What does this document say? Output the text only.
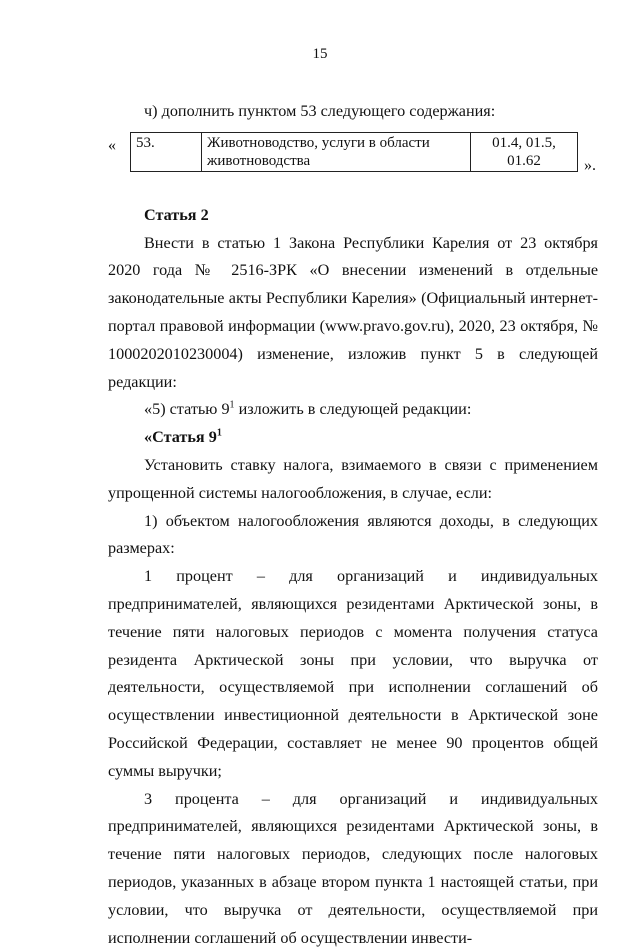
15

ч) дополнить пунктом 53 следующего содержания:

«	53.	Животноводство, услуги в области животноводства	01.4, 01.5, 01.62	».

Статья 2

Внести в статью 1 Закона Республики Карелия от 23 октября 2020 года № 2516-ЗРК «О внесении изменений в отдельные законодательные акты Республики Карелия» (Официальный интернет-портал правовой информации (www.pravo.gov.ru), 2020, 23 октября, № 1000202010230004) изменение, изложив пункт 5 в следующей редакции:

«5) статью $9^1$ изложить в следующей редакции:

«Статья $9^1$

Установить ставку налога, взимаемого в связи с применением упрощенной системы налогообложения, в случае, если:

1) объектом налогообложения являются доходы, в следующих размерах:

1 процент – для организаций и индивидуальных предпринимателей, являющихся резидентами Арктической зоны, в течение пяти налоговых периодов с момента получения статуса резидента Арктической зоны при условии, что выручка от деятельности, осуществляемой при исполнении соглашений об осуществлении инвестиционной деятельности в Арктической зоне Российской Федерации, составляет не менее 90 процентов общей суммы выручки;

3 процента – для организаций и индивидуальных предпринимателей, являющихся резидентами Арктической зоны, в течение пяти налоговых периодов, следующих после налоговых периодов, указанных в абзаце втором пункта 1 настоящей статьи, при условии, что выручка от деятельности, осуществляемой при исполнении соглашений об осуществлении инвести-
